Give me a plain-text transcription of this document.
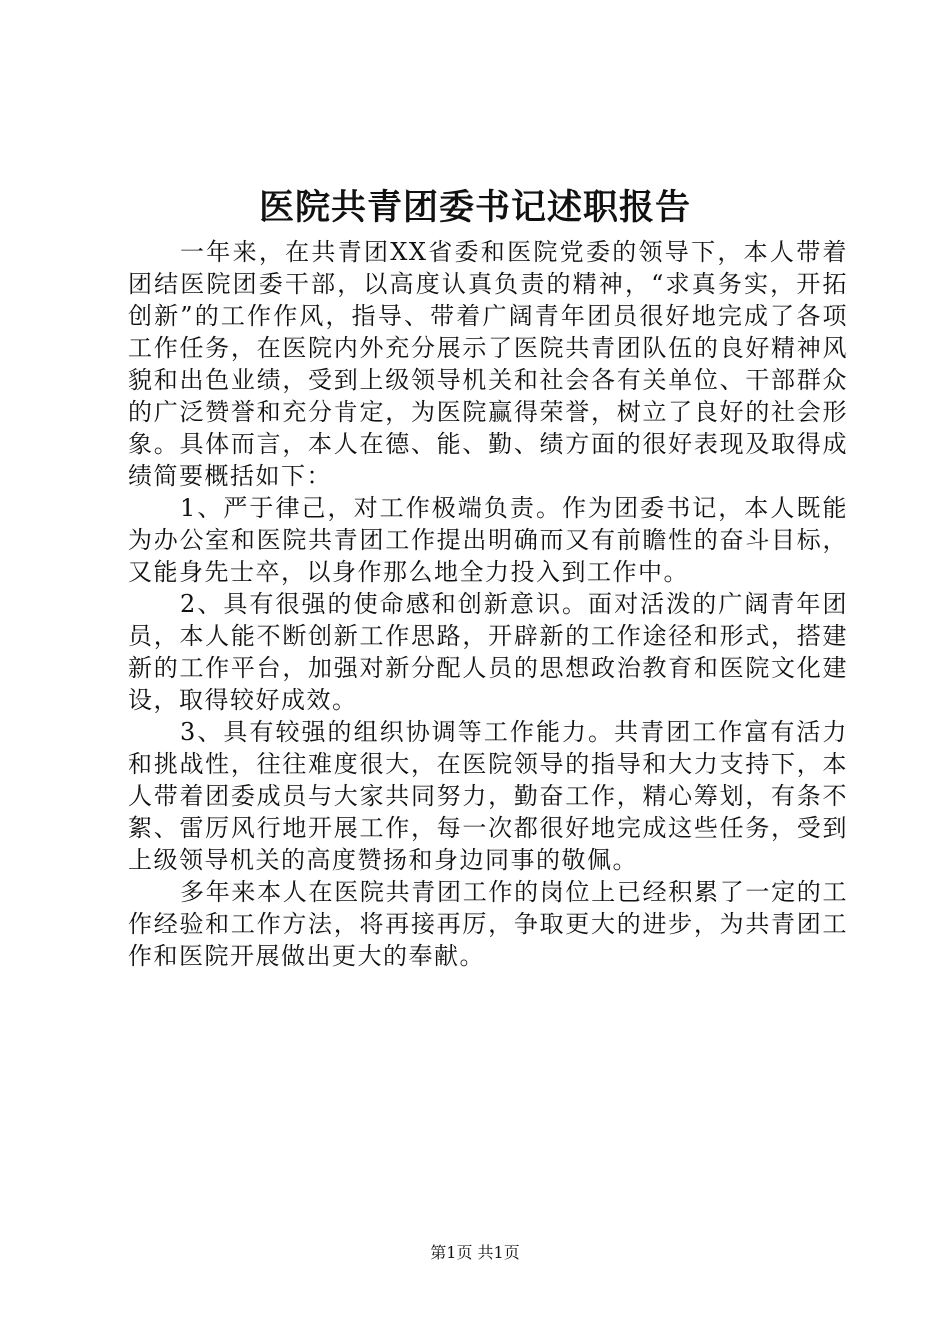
医院共青团委书记述职报告

一年来，在共青团XX省委和医院党委的领导下，本人带着团结医院团委干部，以高度认真负责的精神，“求真务实，开拓创新”的工作作风，指导、带着广阔青年团员很好地完成了各项工作任务，在医院内外充分展示了医院共青团队伍的良好精神风貌和出色业绩，受到上级领导机关和社会各有关单位、干部群众的广泛赞誉和充分肯定，为医院赢得荣誉，树立了良好的社会形象。具体而言，本人在德、能、勤、绩方面的很好表现及取得成绩简要概括如下：

1、严于律己，对工作极端负责。作为团委书记，本人既能为办公室和医院共青团工作提出明确而又有前瞻性的奋斗目标，又能身先士卒，以身作那么地全力投入到工作中。

2、具有很强的使命感和创新意识。面对活泼的广阔青年团员，本人能不断创新工作思路，开辟新的工作途径和形式，搭建新的工作平台，加强对新分配人员的思想政治教育和医院文化建设，取得较好成效。

3、具有较强的组织协调等工作能力。共青团工作富有活力和挑战性，往往难度很大，在医院领导的指导和大力支持下，本人带着团委成员与大家共同努力，勤奋工作，精心筹划，有条不絮、雷厉风行地开展工作，每一次都很好地完成这些任务，受到上级领导机关的高度赞扬和身边同事的敬佩。

多年来本人在医院共青团工作的岗位上已经积累了一定的工作经验和工作方法，将再接再厉，争取更大的进步，为共青团工作和医院开展做出更大的奉献。

第1页 共1页
